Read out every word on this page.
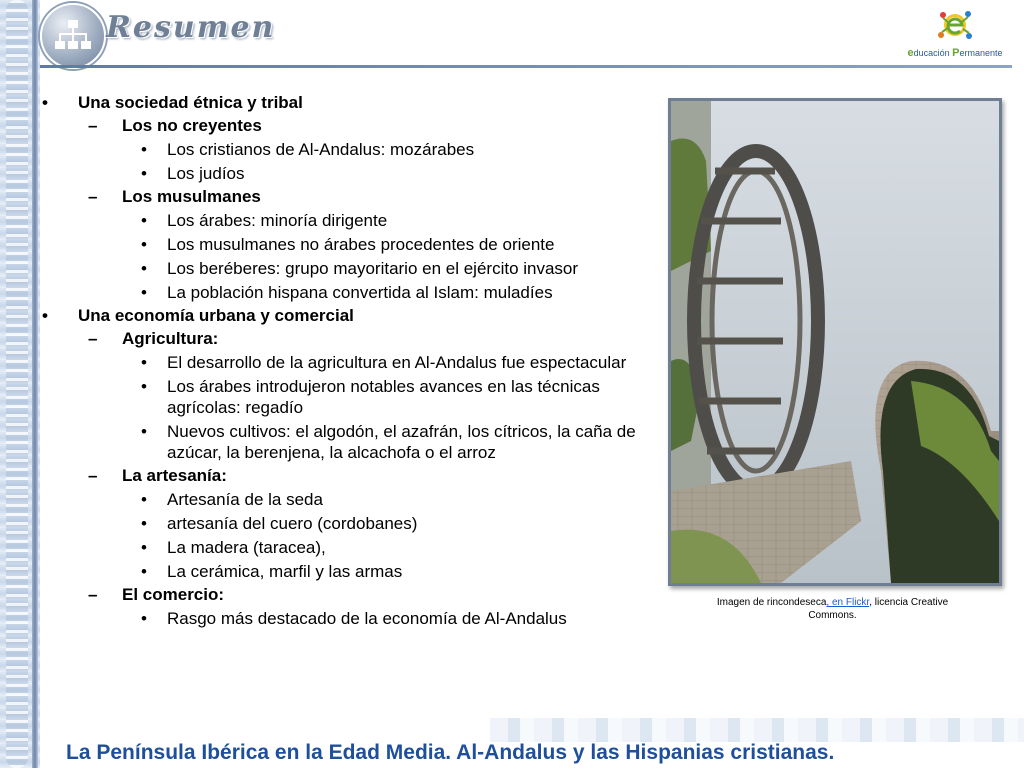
Resumen
educación Permanente
• Una sociedad étnica y tribal
– Los no creyentes
• Los cristianos de Al-Andalus: mozárabes
• Los judíos
– Los musulmanes
• Los árabes: minoría dirigente
• Los musulmanes no árabes procedentes de oriente
• Los beréberes: grupo mayoritario en el ejército invasor
• La población hispana convertida al Islam: muladíes
• Una economía urbana y comercial
– Agricultura:
• El desarrollo de la agricultura en Al-Andalus fue espectacular
• Los árabes introdujeron notables avances en las técnicas agrícolas: regadío
• Nuevos cultivos: el algodón, el azafrán, los cítricos, la caña de azúcar, la berenjena, la alcachofa o el arroz
– La artesanía:
• Artesanía de la seda
• artesanía del cuero (cordobanes)
• La madera (taracea),
• La cerámica, marfil y las armas
– El comercio:
• Rasgo más destacado de la economía de Al-Andalus
Imagen de rincondeseca, en Flickr, licencia Creative Commons.
La Península Ibérica en la Edad Media. Al-Andalus y las Hispanias cristianas.
